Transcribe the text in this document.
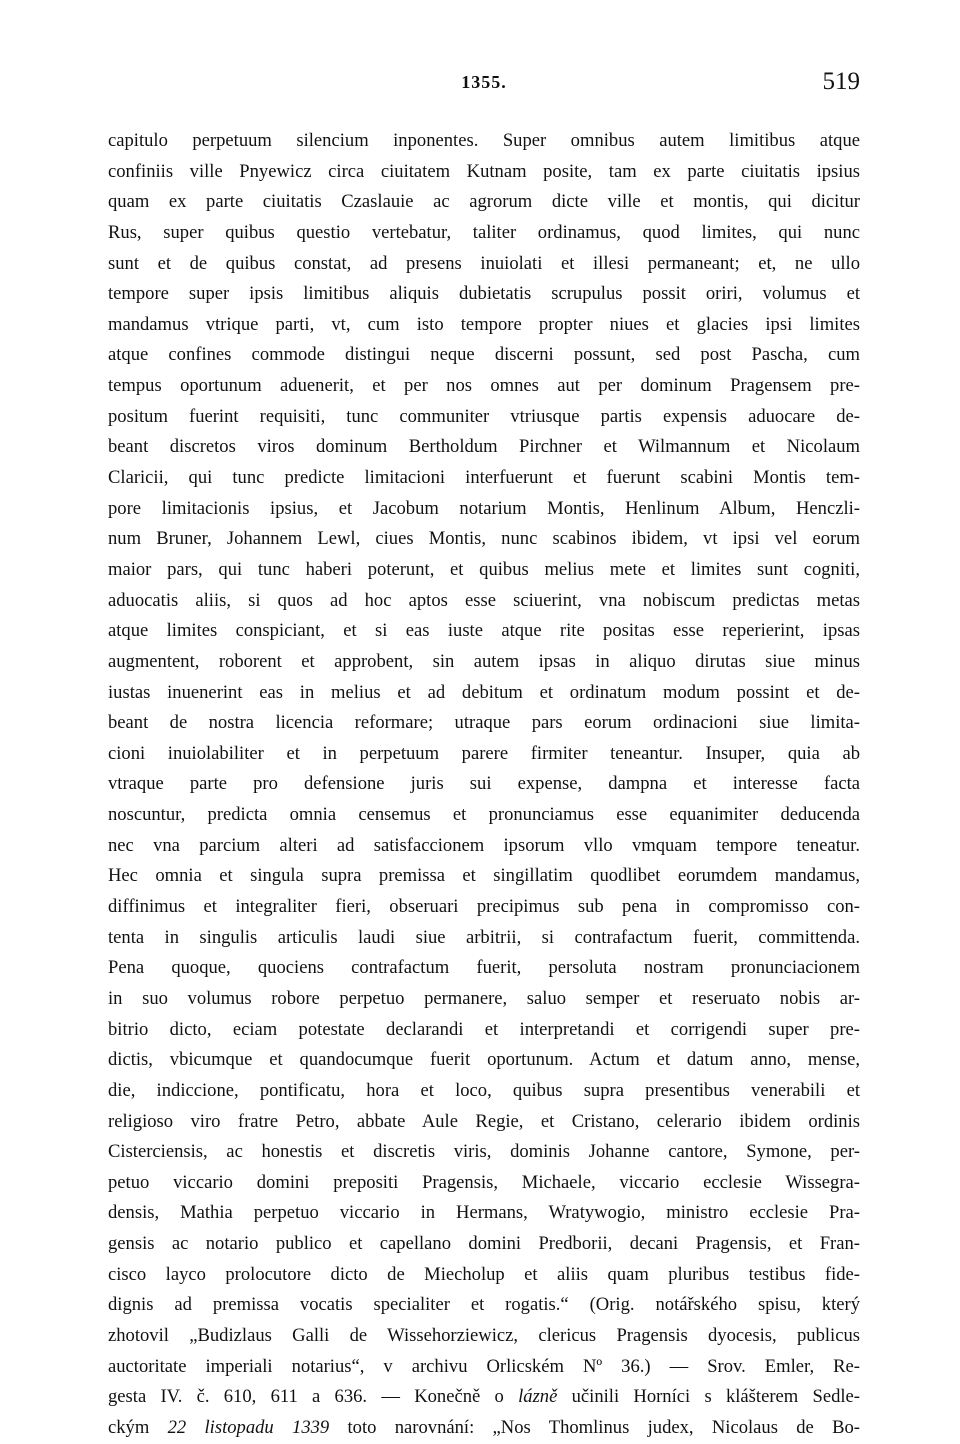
1355.	519
capitulo perpetuum silencium inponentes. Super omnibus autem limitibus atque
confiniis ville Pnyewicz circa ciuitatem Kutnam posite, tam ex parte ciuitatis ipsius
quam ex parte ciuitatis Czaslauie ac agrorum dicte ville et montis, qui dicitur
Rus, super quibus questio vertebatur, taliter ordinamus, quod limites, qui nunc
sunt et de quibus constat, ad presens inuiolati et illesi permaneant; et, ne ullo
tempore super ipsis limitibus aliquis dubietatis scrupulus possit oriri, volumus et
mandamus vtrique parti, vt, cum isto tempore propter niues et glacies ipsi limites
atque confines commode distingui neque discerni possunt, sed post Pascha, cum
tempus oportunum aduenerit, et per nos omnes aut per dominum Pragensem pre-
positum fuerint requisiti, tunc communiter vtriusque partis expensis aduocare de-
beant discretos viros dominum Bertholdum Pirchner et Wilmannum et Nicolaum
Claricii, qui tunc predicte limitacioni interfuerunt et fuerunt scabini Montis tem-
pore limitacionis ipsius, et Jacobum notarium Montis, Henlinum Album, Henczli-
num Bruner, Johannem Lewl, ciues Montis, nunc scabinos ibidem, vt ipsi vel eorum
maior pars, qui tunc haberi poterunt, et quibus melius mete et limites sunt cogniti,
aduocatis aliis, si quos ad hoc aptos esse sciuerint, vna nobiscum predictas metas
atque limites conspiciant, et si eas iuste atque rite positas esse reperierint, ipsas
augmentent, roborent et approbent, sin autem ipsas in aliquo dirutas siue minus
iustas inuenerint eas in melius et ad debitum et ordinatum modum possint et de-
beant de nostra licencia reformare; utraque pars eorum ordinacioni siue limita-
cioni inuiolabiliter et in perpetuum parere firmiter teneantur. Insuper, quia ab
vtraque parte pro defensione juris sui expense, dampna et interesse facta
noscuntur, predicta omnia censemus et pronunciamus esse equanimiter deducenda
nec vna parcium alteri ad satisfaccionem ipsorum vllo vmquam tempore teneatur.
Hec omnia et singula supra premissa et singillatim quodlibet eorumdem mandamus,
diffinimus et integraliter fieri, obseruari precipimus sub pena in compromisso con-
tenta in singulis articulis laudi siue arbitrii, si contrafactum fuerit, committenda.
Pena quoque, quociens contrafactum fuerit, persoluta nostram pronunciacionem
in suo volumus robore perpetuo permanere, saluo semper et reseruato nobis ar-
bitrio dicto, eciam potestate declarandi et interpretandi et corrigendi super pre-
dictis, vbicumque et quandocumque fuerit oportunum. Actum et datum anno, mense,
die, indiccione, pontificatu, hora et loco, quibus supra presentibus venerabili et
religioso viro fratre Petro, abbate Aule Regie, et Cristano, celerario ibidem ordinis
Cisterciensis, ac honestis et discretis viris, dominis Johanne cantore, Symone, per-
petuo viccario domini prepositi Pragensis, Michaele, viccario ecclesie Wissegra-
densis, Mathia perpetuo viccario in Hermans, Wratywogio, ministro ecclesie Pra-
gensis ac notario publico et capellano domini Predborii, decani Pragensis, et Fran-
cisco layco prolocutore dicto de Miecholup et aliis quam pluribus testibus fide-
dignis ad premissa vocatis specialiter et rogatis.“ (Orig. notářského spisu, který
zhotovil „Budizlaus Galli de Wissehorziewicz, clericus Pragensis dyocesis, publicus
auctoritate imperiali notarius“, v archivu Orlicském Nº 36.) — Srov. Emler, Re-
gesta IV. č. 610, 611 a 636. — Konečně o lázně učinili Horníci s klášterem Sedle-
ckým 22 listopadu 1339 toto narovnání: „Nos Thomlinus judex, Nicolaus de Bo-
